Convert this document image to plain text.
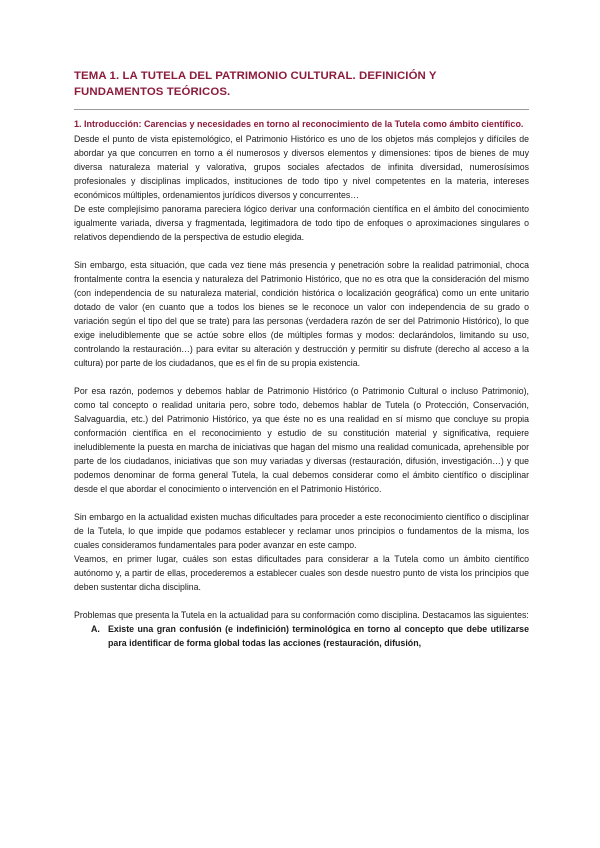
TEMA 1. LA TUTELA DEL PATRIMONIO CULTURAL. DEFINICIÓN Y FUNDAMENTOS TEÓRICOS.
1. Introducción: Carencias y necesidades en torno al reconocimiento de la Tutela como ámbito científico.

Desde el punto de vista epistemológico, el Patrimonio Histórico es uno de los objetos más complejos y difíciles de abordar ya que concurren en torno a él numerosos y diversos elementos y dimensiones: tipos de bienes de muy diversa naturaleza material y valorativa, grupos sociales afectados de infinita diversidad, numerosísimos profesionales y disciplinas implicados, instituciones de todo tipo y nivel competentes en la materia, intereses económicos múltiples, ordenamientos jurídicos diversos y concurrentes…

De este complejísimo panorama pareciera lógico derivar una conformación científica en el ámbito del conocimiento igualmente variada, diversa y fragmentada, legitimadora de todo tipo de enfoques o aproximaciones singulares o relativos dependiendo de la perspectiva de estudio elegida.

Sin embargo, esta situación, que cada vez tiene más presencia y penetración sobre la realidad patrimonial, choca frontalmente contra la esencia y naturaleza del Patrimonio Histórico, que no es otra que la consideración del mismo (con independencia de su naturaleza material, condición histórica o localización geográfica) como un ente unitario dotado de valor (en cuanto que a todos los bienes se le reconoce un valor con independencia de su grado o variación según el tipo del que se trate) para las personas (verdadera razón de ser del Patrimonio Histórico), lo que exige ineludiblemente que se actúe sobre ellos (de múltiples formas y modos: declarándolos, limitando su uso, controlando la restauración…) para evitar su alteración y destrucción y permitir su disfrute (derecho al acceso a la cultura) por parte de los ciudadanos, que es el fin de su propia existencia.

Por esa razón, podemos y debemos hablar de Patrimonio Histórico (o Patrimonio Cultural o incluso Patrimonio), como tal concepto o realidad unitaria pero, sobre todo, debemos hablar de Tutela (o Protección, Conservación, Salvaguardia, etc.) del Patrimonio Histórico, ya que éste no es una realidad en sí mismo que concluye su propia conformación científica en el reconocimiento y estudio de su constitución material y significativa, requiere ineludiblemente la puesta en marcha de iniciativas que hagan del mismo una realidad comunicada, aprehensible por parte de los ciudadanos, iniciativas que son muy variadas y diversas (restauración, difusión, investigación…) y que podemos denominar de forma general Tutela, la cual debemos considerar como el ámbito científico o disciplinar desde el que abordar el conocimiento o intervención en el Patrimonio Histórico.

Sin embargo en la actualidad existen muchas dificultades para proceder a este reconocimiento científico o disciplinar de la Tutela, lo que impide que podamos establecer y reclamar unos principios o fundamentos de la misma, los cuales consideramos fundamentales para poder avanzar en este campo.

Veamos, en primer lugar, cuáles son estas dificultades para considerar a la Tutela como un ámbito científico autónomo y, a partir de ellas, procederemos a establecer cuales son desde nuestro punto de vista los principios que deben sustentar dicha disciplina.

Problemas que presenta la Tutela en la actualidad para su conformación como disciplina. Destacamos las siguientes:

A. Existe una gran confusión (e indefinición) terminológica en torno al concepto que debe utilizarse para identificar de forma global todas las acciones (restauración, difusión,
